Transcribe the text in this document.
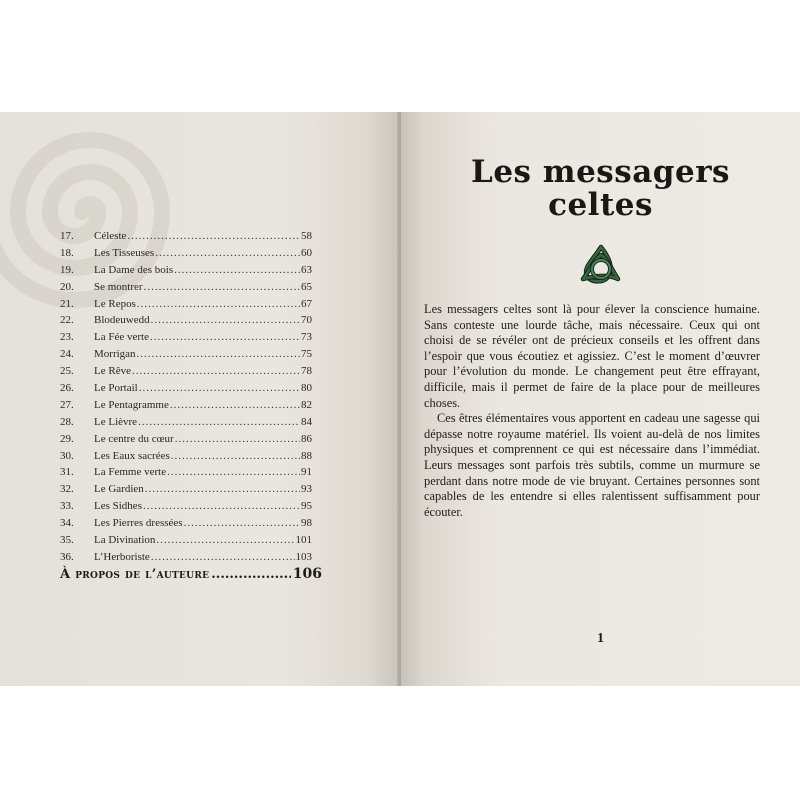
17.	Céleste .....	58
18.	Les Tisseuses .....	60
19.	La Dame des bois .....	63
20.	Se montrer .....	65
21.	Le Repos .....	67
22.	Blodeuwedd .....	70
23.	La Fée verte .....	73
24.	Morrigan .....	75
25.	Le Rêve .....	78
26.	Le Portail .....	80
27.	Le Pentagramme .....	82
28.	Le Lièvre .....	84
29.	Le centre du cœur .....	86
30.	Les Eaux sacrées .....	88
31.	La Femme verte .....	91
32.	Le Gardien .....	93
33.	Les Sidhes .....	95
34.	Les Pierres dressées .....	98
35.	La Divination .....	101
36.	L’Herboriste .....	103
À propos de l’auteure .....	106
Les messagers
celtes

Les messagers celtes sont là pour élever la conscience humaine. Sans conteste une lourde tâche, mais nécessaire. Ceux qui ont choisi de se révéler ont de précieux conseils et les offrent dans l’espoir que vous écoutiez et agissiez. C’est le moment d’œuvrer pour l’évolution du monde. Le changement peut être effrayant, difficile, mais il permet de faire de la place pour de meilleures choses.

Ces êtres élémentaires vous apportent en cadeau une sagesse qui dépasse notre royaume matériel. Ils voient au-delà de nos limites physiques et comprennent ce qui est nécessaire dans l’immédiat. Leurs messages sont parfois très subtils, comme un murmure se perdant dans notre mode de vie bruyant. Certaines personnes sont capables de les entendre si elles ralentissent suffisamment pour écouter.

1
